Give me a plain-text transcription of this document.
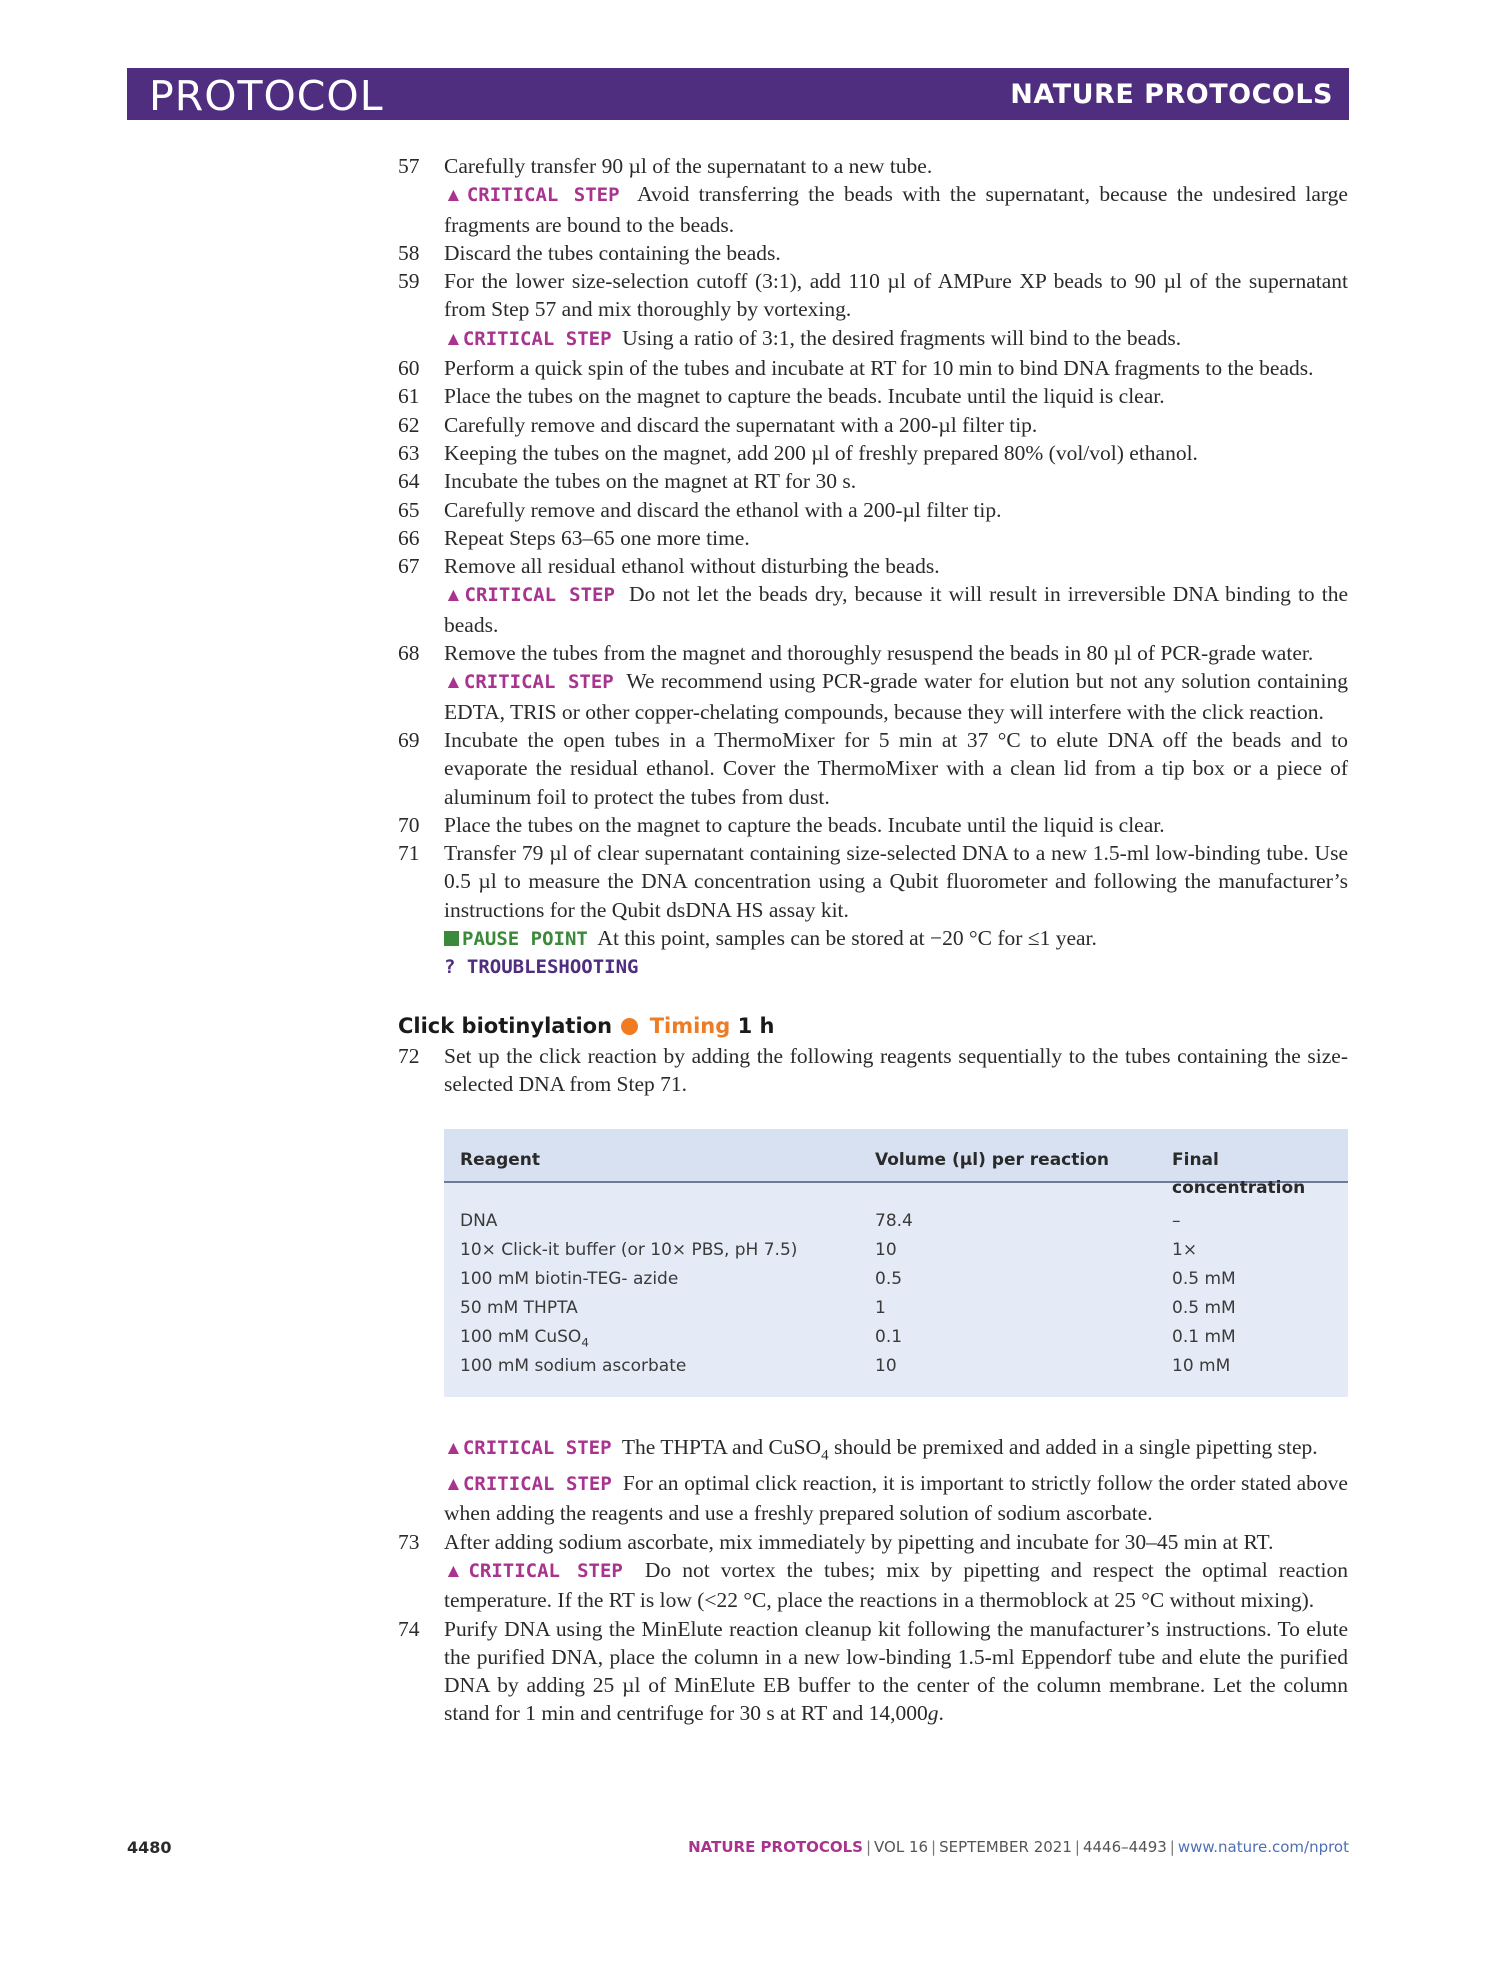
PROTOCOL	NATURE PROTOCOLS
57 Carefully transfer 90 µl of the supernatant to a new tube.
▲CRITICAL STEP Avoid transferring the beads with the supernatant, because the undesired large fragments are bound to the beads.
58 Discard the tubes containing the beads.
59 For the lower size-selection cutoff (3:1), add 110 µl of AMPure XP beads to 90 µl of the supernatant from Step 57 and mix thoroughly by vortexing.
▲CRITICAL STEP Using a ratio of 3:1, the desired fragments will bind to the beads.
60 Perform a quick spin of the tubes and incubate at RT for 10 min to bind DNA fragments to the beads.
61 Place the tubes on the magnet to capture the beads. Incubate until the liquid is clear.
62 Carefully remove and discard the supernatant with a 200-µl filter tip.
63 Keeping the tubes on the magnet, add 200 µl of freshly prepared 80% (vol/vol) ethanol.
64 Incubate the tubes on the magnet at RT for 30 s.
65 Carefully remove and discard the ethanol with a 200-µl filter tip.
66 Repeat Steps 63–65 one more time.
67 Remove all residual ethanol without disturbing the beads.
▲CRITICAL STEP Do not let the beads dry, because it will result in irreversible DNA binding to the beads.
68 Remove the tubes from the magnet and thoroughly resuspend the beads in 80 µl of PCR-grade water.
▲CRITICAL STEP We recommend using PCR-grade water for elution but not any solution containing EDTA, TRIS or other copper-chelating compounds, because they will interfere with the click reaction.
69 Incubate the open tubes in a ThermoMixer for 5 min at 37 °C to elute DNA off the beads and to evaporate the residual ethanol. Cover the ThermoMixer with a clean lid from a tip box or a piece of aluminum foil to protect the tubes from dust.
70 Place the tubes on the magnet to capture the beads. Incubate until the liquid is clear.
71 Transfer 79 µl of clear supernatant containing size-selected DNA to a new 1.5-ml low-binding tube. Use 0.5 µl to measure the DNA concentration using a Qubit fluorometer and following the manufacturer’s instructions for the Qubit dsDNA HS assay kit.
PAUSE POINT At this point, samples can be stored at −20 °C for ≤1 year.
? TROUBLESHOOTING
Click biotinylation Timing 1 h
72 Set up the click reaction by adding the following reagents sequentially to the tubes containing the size-selected DNA from Step 71.
Reagent	Volume (µl) per reaction	Final concentration
DNA	78.4	–
10× Click-it buffer (or 10× PBS, pH 7.5)	10	1×
100 mM biotin-TEG- azide	0.5	0.5 mM
50 mM THPTA	1	0.5 mM
100 mM CuSO$_4$	0.1	0.1 mM
100 mM sodium ascorbate	10	10 mM
▲CRITICAL STEP The THPTA and CuSO$_4$ should be premixed and added in a single pipetting step.
▲CRITICAL STEP For an optimal click reaction, it is important to strictly follow the order stated above when adding the reagents and use a freshly prepared solution of sodium ascorbate.
73 After adding sodium ascorbate, mix immediately by pipetting and incubate for 30–45 min at RT.
▲CRITICAL STEP Do not vortex the tubes; mix by pipetting and respect the optimal reaction temperature. If the RT is low (<22 °C, place the reactions in a thermoblock at 25 °C without mixing).
74 Purify DNA using the MinElute reaction cleanup kit following the manufacturer’s instructions. To elute the purified DNA, place the column in a new low-binding 1.5-ml Eppendorf tube and elute the purified DNA by adding 25 µl of MinElute EB buffer to the center of the column membrane. Let the column stand for 1 min and centrifuge for 30 s at RT and 14,000g.
4480	NATURE PROTOCOLS | VOL 16 | SEPTEMBER 2021 | 4446–4493 | www.nature.com/nprot
